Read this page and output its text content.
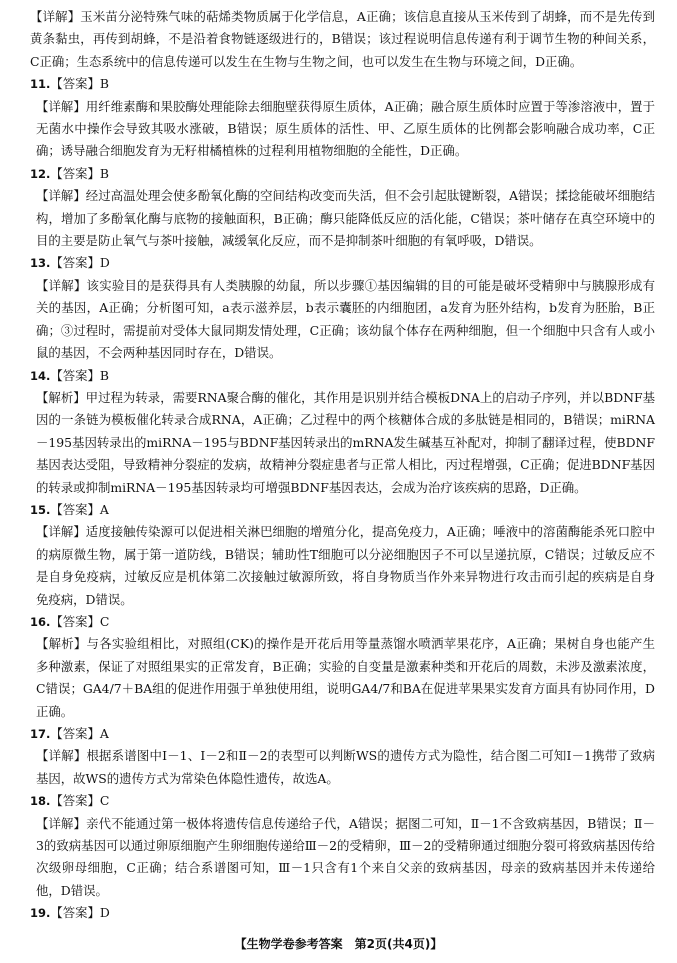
【详解】玉米苗分泌特殊气味的萜烯类物质属于化学信息，A正确；该信息直接从玉米传到了胡蜂，而不是先传到黄条黏虫，再传到胡蜂，不是沿着食物链逐级进行的，B错误；该过程说明信息传递有利于调节生物的种间关系，C正确；生态系统中的信息传递可以发生在生物与生物之间，也可以发生在生物与环境之间，D正确。

11.【答案】B

【详解】用纤维素酶和果胶酶处理能除去细胞壁获得原生质体，A正确；融合原生质体时应置于等渗溶液中，置于无菌水中操作会导致其吸水涨破，B错误；原生质体的活性、甲、乙原生质体的比例都会影响融合成功率，C正确；诱导融合细胞发育为无籽柑橘植株的过程利用植物细胞的全能性，D正确。

12.【答案】B

【详解】经过高温处理会使多酚氧化酶的空间结构改变而失活，但不会引起肽键断裂，A错误；揉捻能破坏细胞结构，增加了多酚氧化酶与底物的接触面积，B正确；酶只能降低反应的活化能，C错误；茶叶储存在真空环境中的目的主要是防止氧气与茶叶接触，减缓氧化反应，而不是抑制茶叶细胞的有氧呼吸，D错误。

13.【答案】D

【详解】该实验目的是获得具有人类胰腺的幼鼠，所以步骤①基因编辑的目的可能是破坏受精卵中与胰腺形成有关的基因，A正确；分析图可知，a表示滋养层，b表示囊胚的内细胞团，a发育为胚外结构，b发育为胚胎，B正确；③过程时，需提前对受体大鼠同期发情处理，C正确；该幼鼠个体存在两种细胞，但一个细胞中只含有人或小鼠的基因，不会两种基因同时存在，D错误。

14.【答案】B

【解析】甲过程为转录，需要RNA聚合酶的催化，其作用是识别并结合模板DNA上的启动子序列，并以BDNF基因的一条链为模板催化转录合成RNA，A正确；乙过程中的两个核糖体合成的多肽链是相同的，B错误；miRNA－195基因转录出的miRNA－195与BDNF基因转录出的mRNA发生碱基互补配对，抑制了翻译过程，使BDNF基因表达受阻，导致精神分裂症的发病，故精神分裂症患者与正常人相比，丙过程增强，C正确；促进BDNF基因的转录或抑制miRNA－195基因转录均可增强BDNF基因表达，会成为治疗该疾病的思路，D正确。

15.【答案】A

【详解】适度接触传染源可以促进相关淋巴细胞的增殖分化，提高免疫力，A正确；唾液中的溶菌酶能杀死口腔中的病原微生物，属于第一道防线，B错误；辅助性T细胞可以分泌细胞因子不可以呈递抗原，C错误；过敏反应不是自身免疫病，过敏反应是机体第二次接触过敏源所致，将自身物质当作外来异物进行攻击而引起的疾病是自身免疫病，D错误。

16.【答案】C

【解析】与各实验组相比，对照组(CK)的操作是开花后用等量蒸馏水喷洒苹果花序，A正确；果树自身也能产生多种激素，保证了对照组果实的正常发育，B正确；实验的自变量是激素种类和开花后的周数，未涉及激素浓度，C错误；GA4/7＋BA组的促进作用强于单独使用组，说明GA4/7和BA在促进苹果果实发育方面具有协同作用，D正确。

17.【答案】A

【详解】根据系谱图中Ⅰ－1、Ⅰ－2和Ⅱ－2的表型可以判断WS的遗传方式为隐性，结合图二可知Ⅰ－1携带了致病基因，故WS的遗传方式为常染色体隐性遗传，故选A。

18.【答案】C

【详解】亲代不能通过第一极体将遗传信息传递给子代，A错误；据图二可知，Ⅱ－1不含致病基因，B错误；Ⅱ－3的致病基因可以通过卵原细胞产生卵细胞传递给Ⅲ－2的受精卵，Ⅲ－2的受精卵通过细胞分裂可将致病基因传给次级卵母细胞，C正确；结合系谱图可知，Ⅲ－1只含有1个来自父亲的致病基因，母亲的致病基因并未传递给他，D错误。

19.【答案】D

【生物学卷参考答案　第2页(共4页)】
